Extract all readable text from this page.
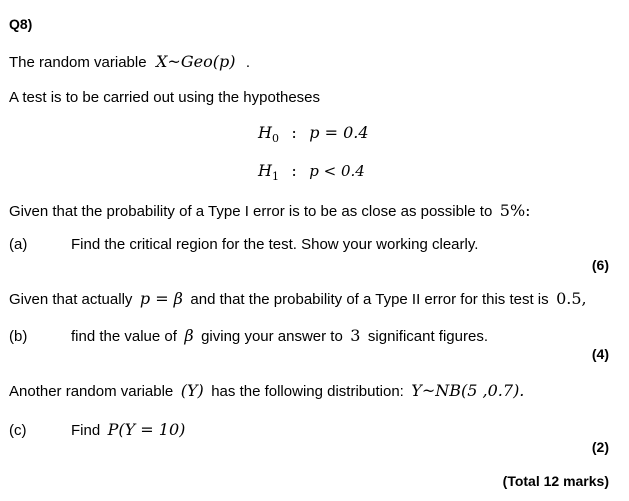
Q8)
The random variable X~Geo(p) .
A test is to be carried out using the hypotheses
$H_0$ : p = 0.4
$H_1$ : p < 0.4
Given that the probability of a Type I error is to be as close as possible to 5%:
(a)	Find the critical region for the test. Show your working clearly.
(6)
Given that actually p = β and that the probability of a Type II error for this test is 0.5,
(b)	find the value of β giving your answer to 3 significant figures.
(4)
Another random variable (Y) has the following distribution: Y~NB(5 ,0.7).
(c)	Find P(Y = 10)
(2)
(Total 12 marks)
